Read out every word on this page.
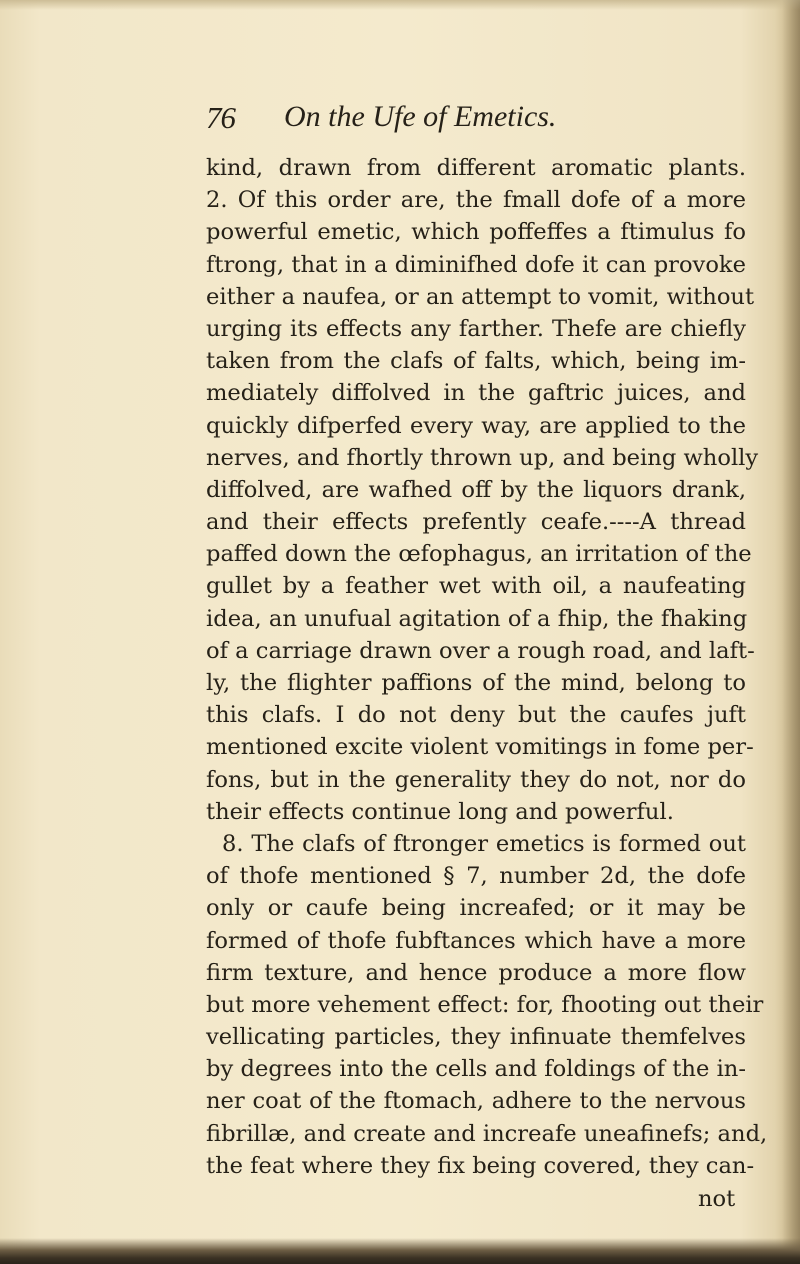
76 On the Ufe of Emetics.
kind, drawn from different aromatic plants.
2. Of this order are, the fmall dofe of a more
powerful emetic, which poffeffes a ftimulus fo
ftrong, that in a diminifhed dofe it can provoke
either a naufea, or an attempt to vomit, without
urging its effects any farther. Thefe are chiefly
taken from the clafs of falts, which, being im-
mediately diffolved in the gaftric juices, and
quickly difperfed every way, are applied to the
nerves, and fhortly thrown up, and being wholly
diffolved, are wafhed off by the liquors drank,
and their effects prefently ceafe.----A thread
paffed down the œfophagus, an irritation of the
gullet by a feather wet with oil, a naufeating
idea, an unufual agitation of a fhip, the fhaking
of a carriage drawn over a rough road, and laft-
ly, the flighter paffions of the mind, belong to
this clafs. I do not deny but the caufes juft
mentioned excite violent vomitings in fome per-
fons, but in the generality they do not, nor do
their effects continue long and powerful.
8. The clafs of ftronger emetics is formed out
of thofe mentioned § 7, number 2d, the dofe
only or caufe being increafed; or it may be
formed of thofe fubftances which have a more
firm texture, and hence produce a more flow
but more vehement effect: for, fhooting out their
vellicating particles, they infinuate themfelves
by degrees into the cells and foldings of the in-
ner coat of the ftomach, adhere to the nervous
fibrillæ, and create and increafe uneafinefs; and,
the feat where they fix being covered, they can-
not
